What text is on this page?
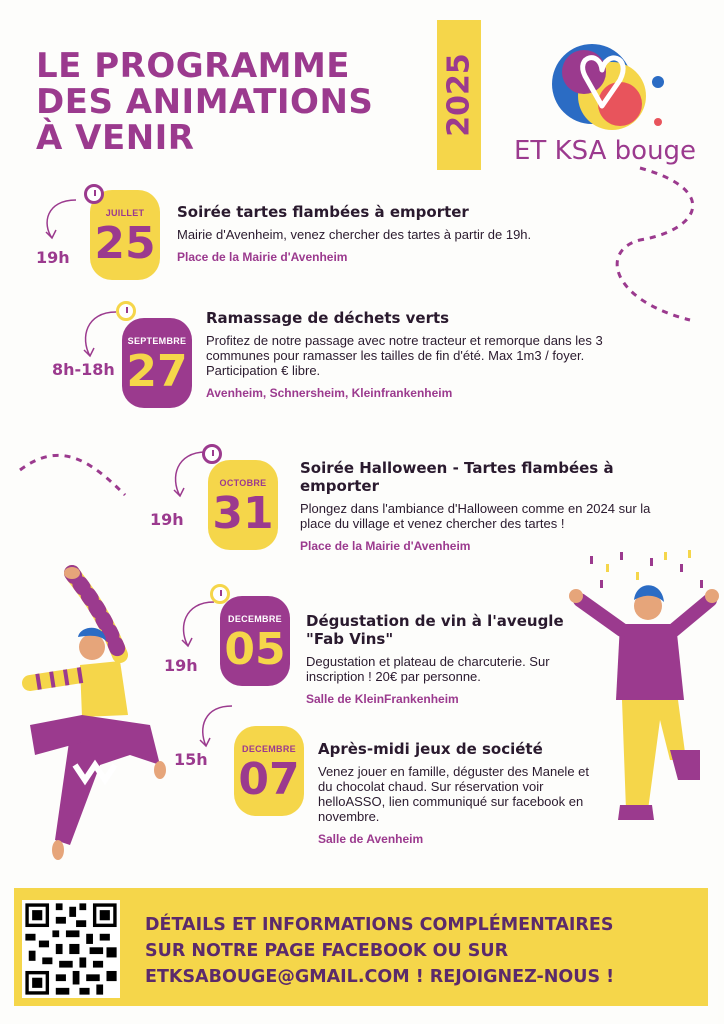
LE PROGRAMME
DES ANIMATIONS
À VENIR
2025
ET KSA bouge
19h
JUILLET
25
Soirée tartes flambées à emporter
Mairie d'Avenheim, venez chercher des tartes à partir de 19h.
Place de la Mairie d'Avenheim
8h-18h
SEPTEMBRE
27
Ramassage de déchets verts
Profitez de notre passage avec notre tracteur et remorque dans les 3 communes pour ramasser les tailles de fin d'été. Max 1m3 / foyer. Participation € libre.
Avenheim, Schnersheim, Kleinfrankenheim
19h
OCTOBRE
31
Soirée Halloween - Tartes flambées à emporter
Plongez dans l'ambiance d'Halloween comme en 2024 sur la place du village et venez chercher des tartes !
Place de la Mairie d'Avenheim
19h
DECEMBRE
05
Dégustation de vin à l'aveugle "Fab Vins"
Degustation et plateau de charcuterie. Sur inscription ! 20€ par personne.
Salle de KleinFrankenheim
15h
DECEMBRE
07
Après-midi jeux de société
Venez jouer en famille, déguster des Manele et du chocolat chaud. Sur réservation voir helloASSO, lien communiqué sur facebook en novembre.
Salle de Avenheim
DÉTAILS ET INFORMATIONS COMPLÉMENTAIRES
SUR NOTRE PAGE FACEBOOK OU SUR
ETKSABOUGE@GMAIL.COM ! REJOIGNEZ-NOUS !
